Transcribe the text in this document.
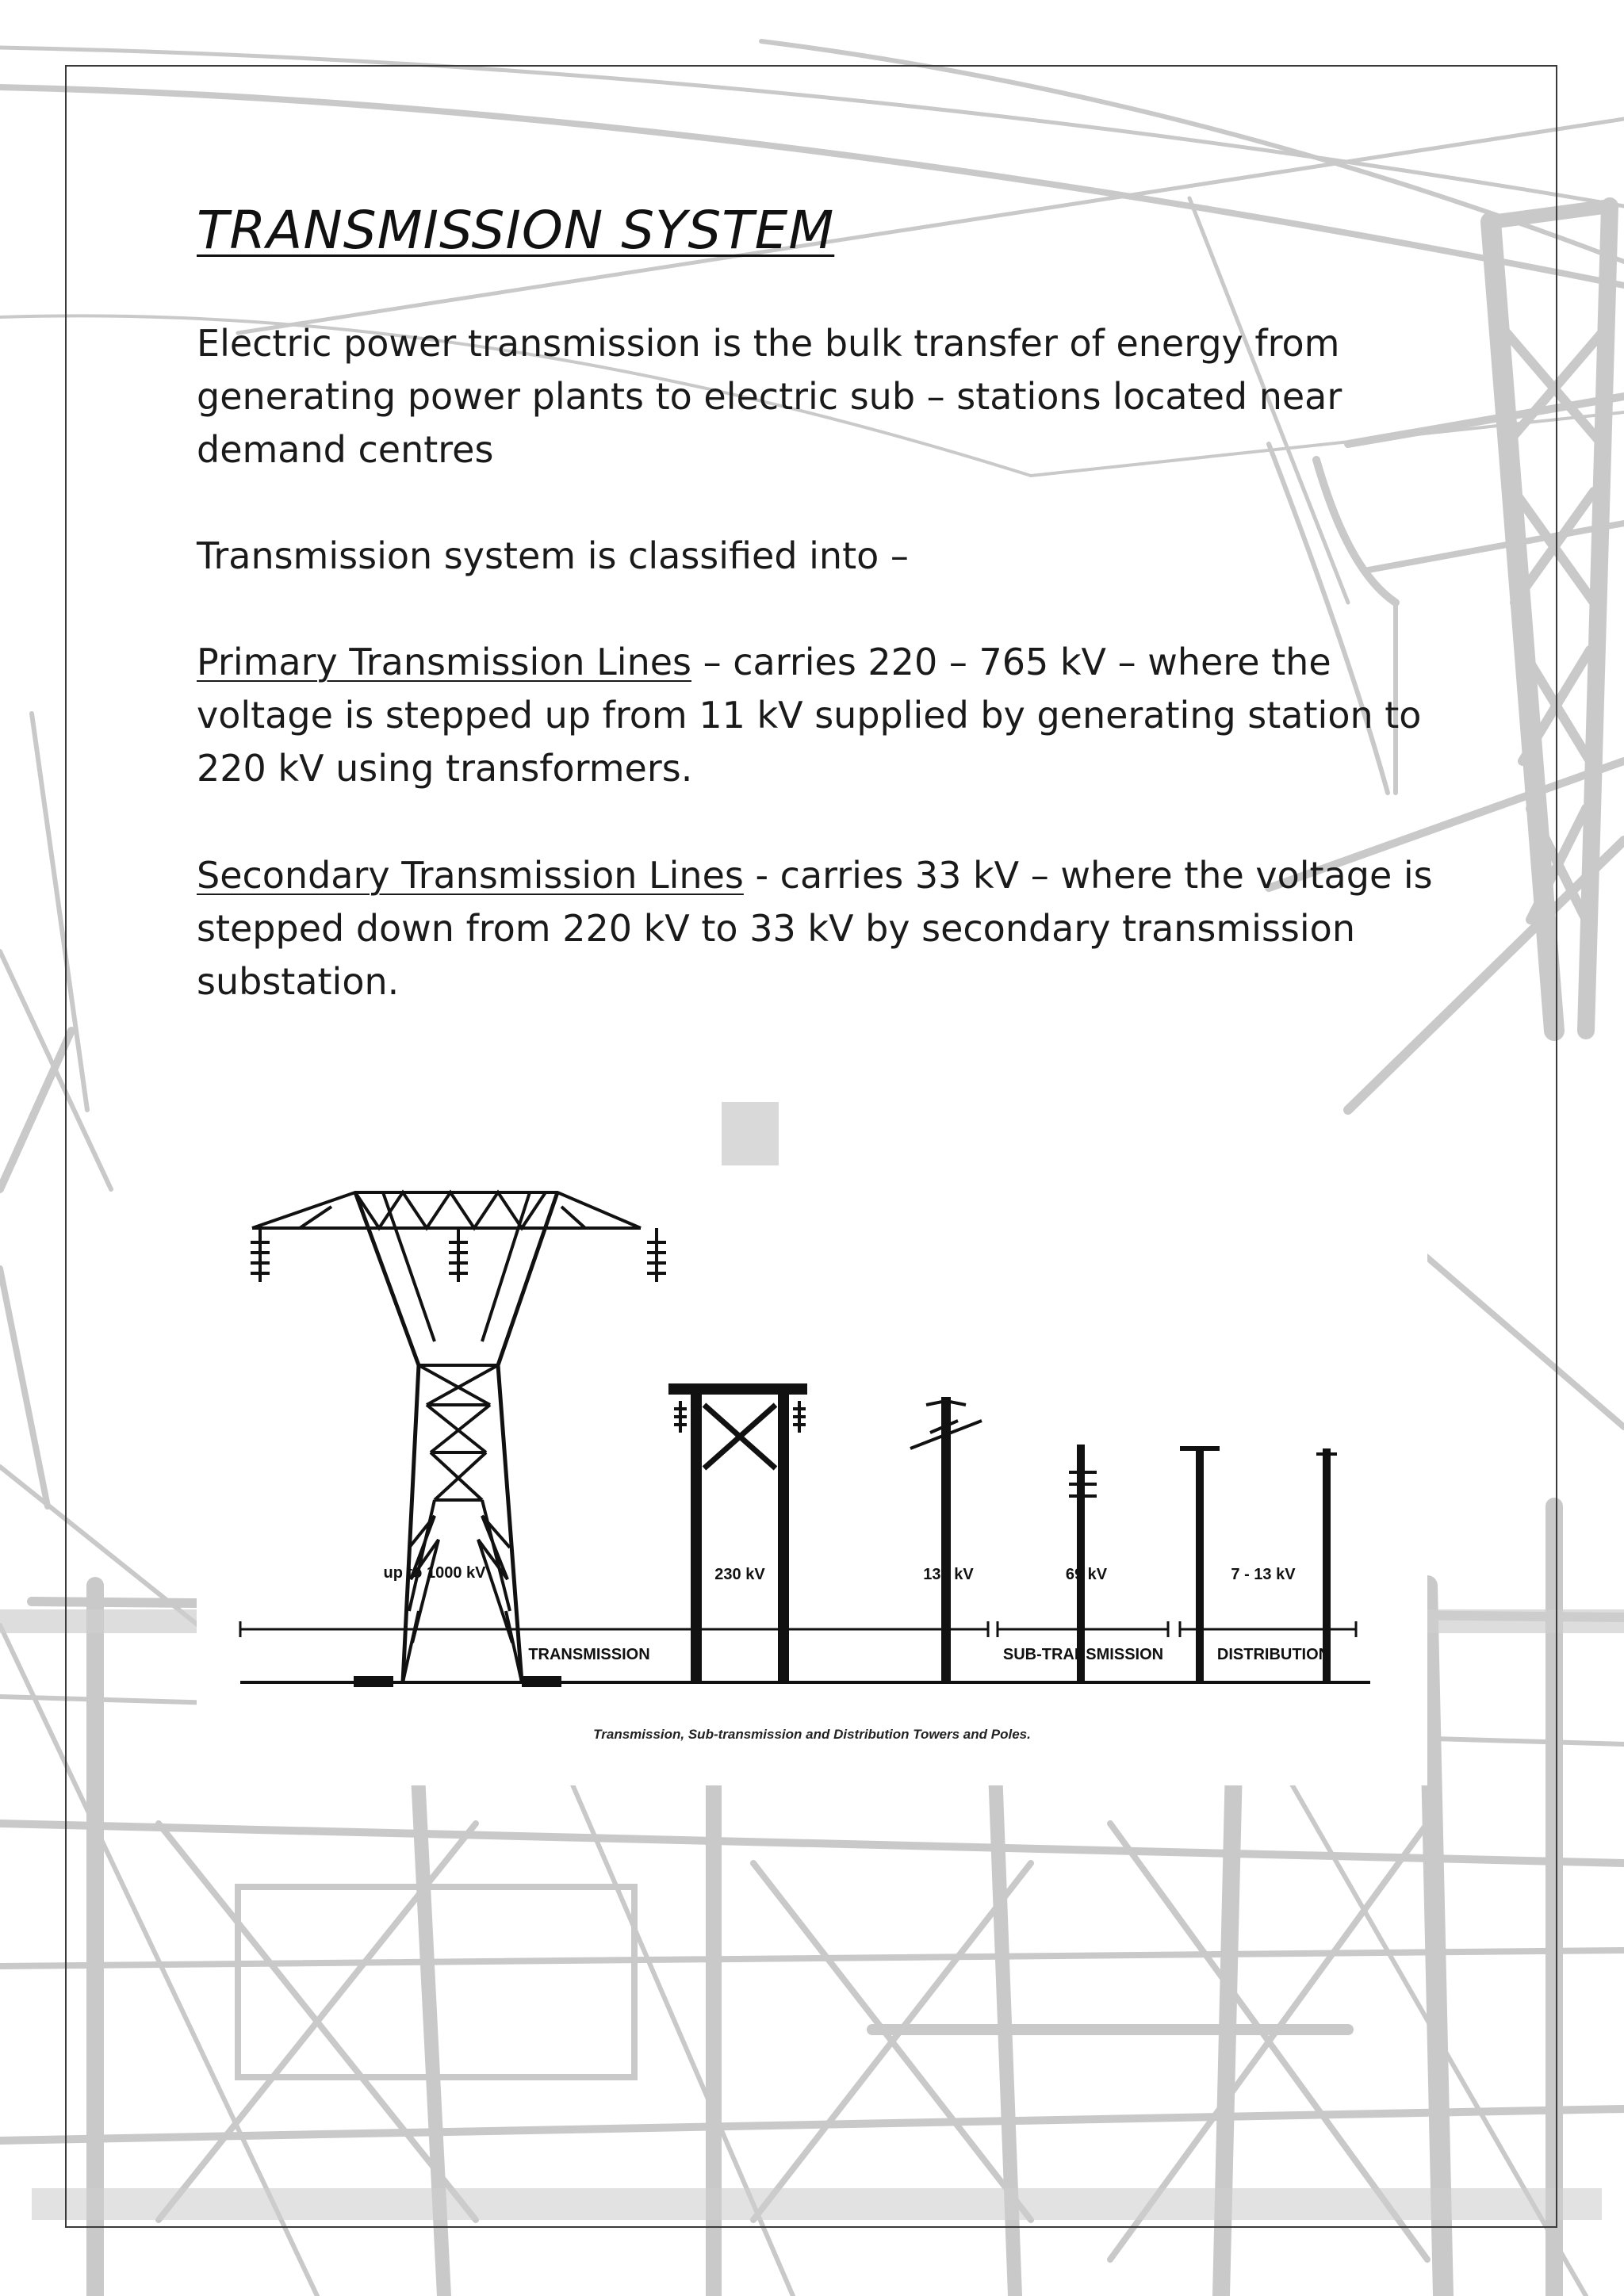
TRANSMISSION SYSTEM

Electric power transmission is the bulk transfer of energy from generating power plants to electric sub – stations located near demand centres

Transmission system is classified into –

Primary Transmission Lines – carries 220 – 765 kV – where the voltage is stepped up from 11 kV supplied by generating station to 220 kV using transformers.

Secondary Transmission Lines - carries 33 kV – where the voltage is stepped down from 220 kV to 33 kV by secondary transmission substation.

up to 1000 kV	230 kV	138 kV	69 kV	7 - 13 kV
TRANSMISSION	SUB-TRANSMISSION	DISTRIBUTION
Transmission, Sub-transmission and Distribution Towers and Poles.
